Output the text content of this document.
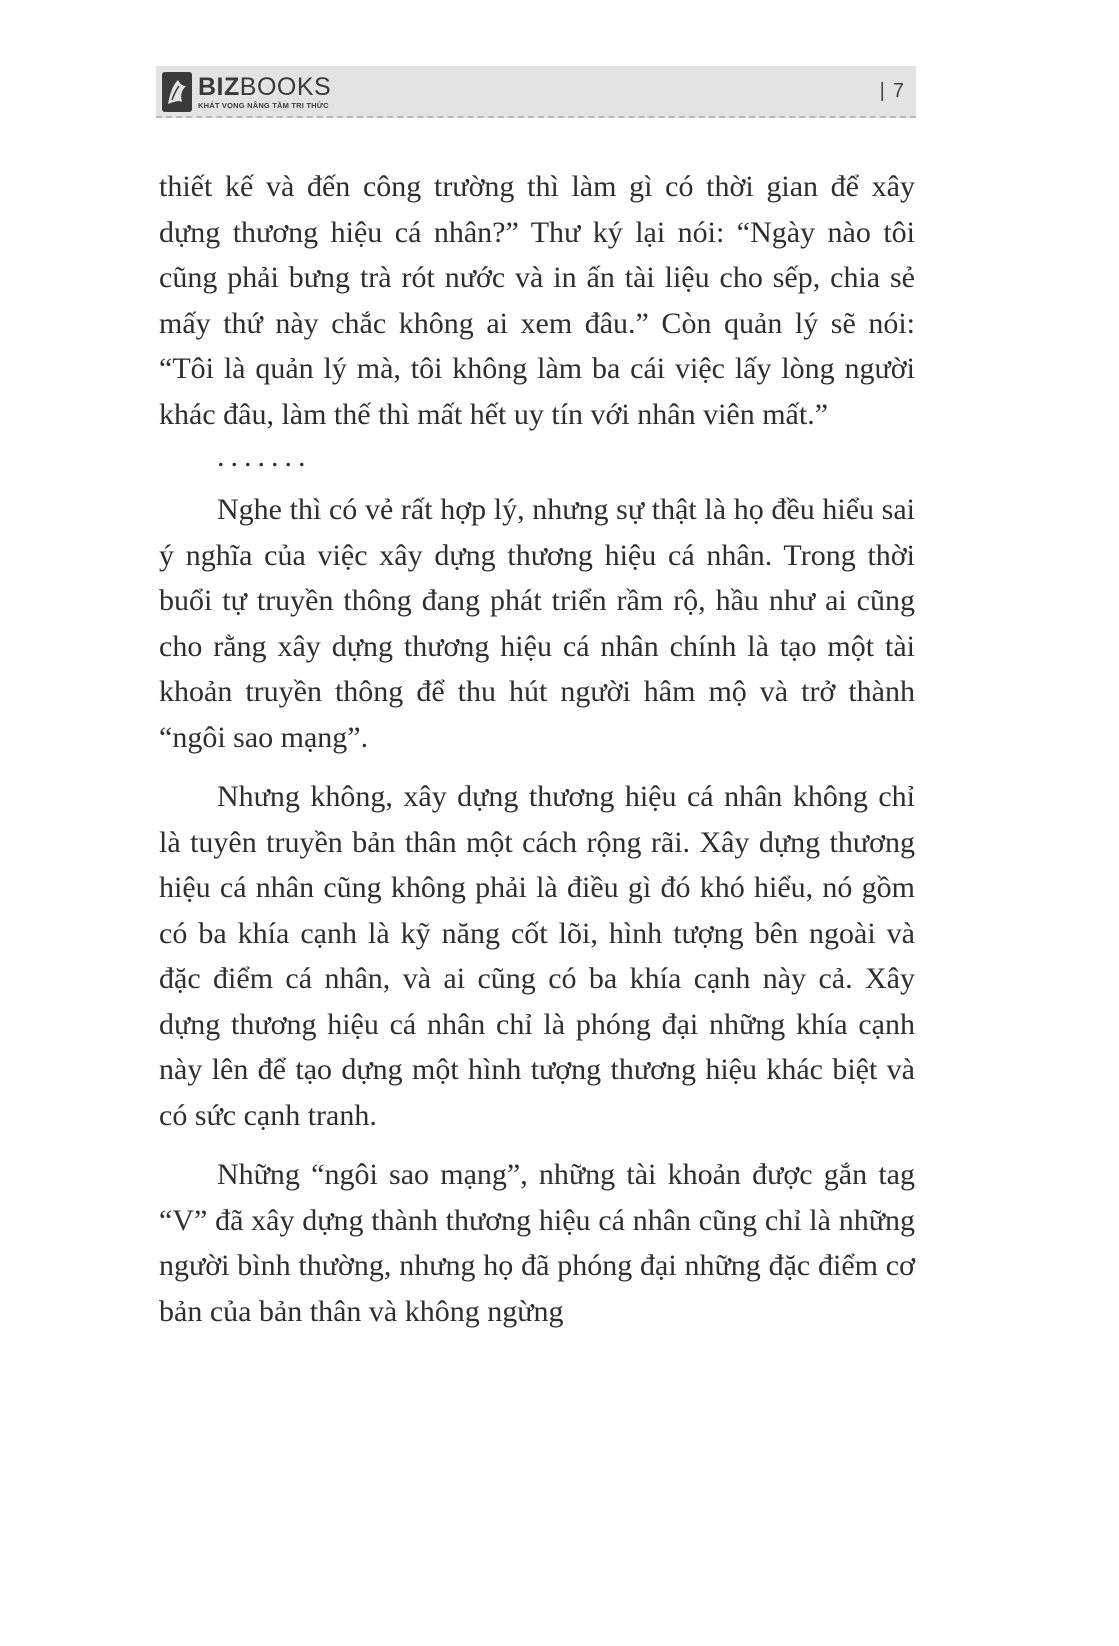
BIZBOOKS
KHÁT VỌNG NÂNG TẦM TRI THỨC
| 7

thiết kế và đến công trường thì làm gì có thời gian để xây dựng thương hiệu cá nhân?” Thư ký lại nói: “Ngày nào tôi cũng phải bưng trà rót nước và in ấn tài liệu cho sếp, chia sẻ mấy thứ này chắc không ai xem đâu.” Còn quản lý sẽ nói: “Tôi là quản lý mà, tôi không làm ba cái việc lấy lòng người khác đâu, làm thế thì mất hết uy tín với nhân viên mất.”

.......

Nghe thì có vẻ rất hợp lý, nhưng sự thật là họ đều hiểu sai ý nghĩa của việc xây dựng thương hiệu cá nhân. Trong thời buổi tự truyền thông đang phát triển rầm rộ, hầu như ai cũng cho rằng xây dựng thương hiệu cá nhân chính là tạo một tài khoản truyền thông để thu hút người hâm mộ và trở thành “ngôi sao mạng”.

Nhưng không, xây dựng thương hiệu cá nhân không chỉ là tuyên truyền bản thân một cách rộng rãi. Xây dựng thương hiệu cá nhân cũng không phải là điều gì đó khó hiểu, nó gồm có ba khía cạnh là kỹ năng cốt lõi, hình tượng bên ngoài và đặc điểm cá nhân, và ai cũng có ba khía cạnh này cả. Xây dựng thương hiệu cá nhân chỉ là phóng đại những khía cạnh này lên để tạo dựng một hình tượng thương hiệu khác biệt và có sức cạnh tranh.

Những “ngôi sao mạng”, những tài khoản được gắn tag “V” đã xây dựng thành thương hiệu cá nhân cũng chỉ là những người bình thường, nhưng họ đã phóng đại những đặc điểm cơ bản của bản thân và không ngừng
